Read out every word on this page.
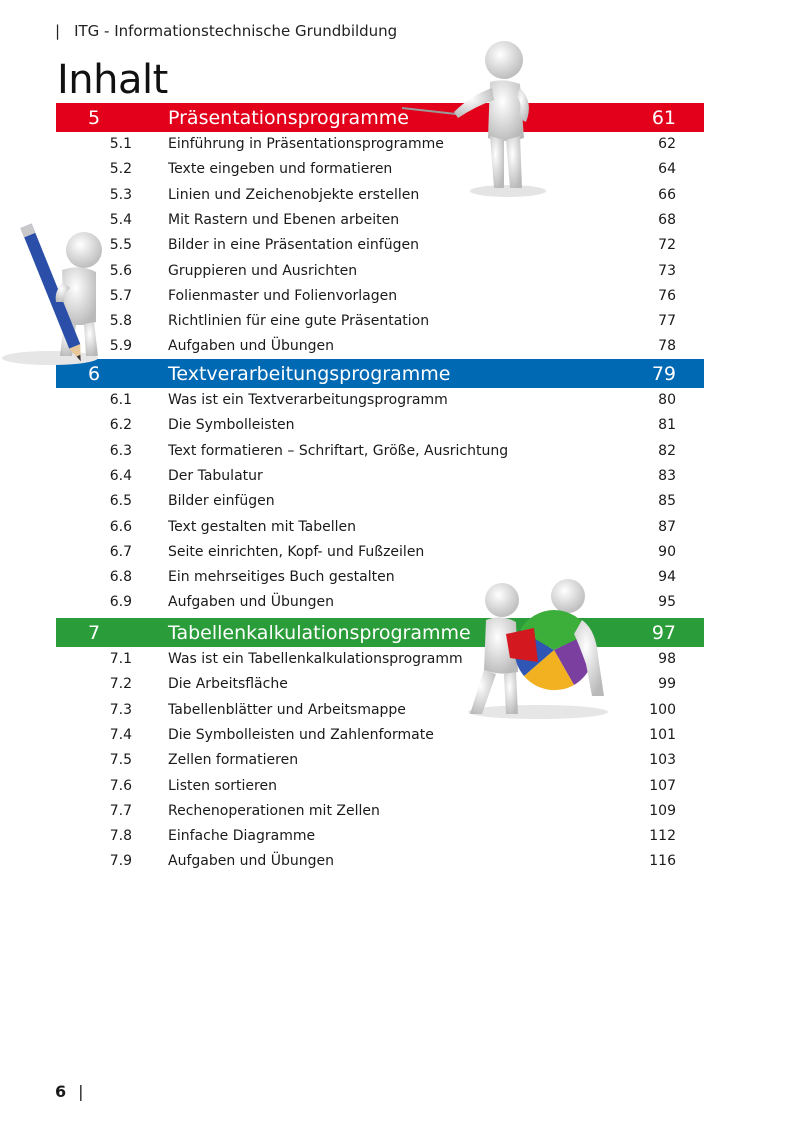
| ITG - Informationstechnische Grundbildung
Inhalt
5	Präsentationsprogramme	61
5.1	Einführung in Präsentationsprogramme	62
5.2	Texte eingeben und formatieren	64
5.3	Linien und Zeichenobjekte erstellen	66
5.4	Mit Rastern und Ebenen arbeiten	68
5.5	Bilder in eine Präsentation einfügen	72
5.6	Gruppieren und Ausrichten	73
5.7	Folienmaster und Folienvorlagen	76
5.8	Richtlinien für eine gute Präsentation	77
5.9	Aufgaben und Übungen	78
6	Textverarbeitungsprogramme	79
6.1	Was ist ein Textverarbeitungsprogramm	80
6.2	Die Symbolleisten	81
6.3	Text formatieren – Schriftart, Größe, Ausrichtung	82
6.4	Der Tabulatur	83
6.5	Bilder einfügen	85
6.6	Text gestalten mit Tabellen	87
6.7	Seite einrichten, Kopf- und Fußzeilen	90
6.8	Ein mehrseitiges Buch gestalten	94
6.9	Aufgaben und Übungen	95
7	Tabellenkalkulationsprogramme	97
7.1	Was ist ein Tabellenkalkulationsprogramm	98
7.2	Die Arbeitsfläche	99
7.3	Tabellenblätter und Arbeitsmappe	100
7.4	Die Symbolleisten und Zahlenformate	101
7.5	Zellen formatieren	103
7.6	Listen sortieren	107
7.7	Rechenoperationen mit Zellen	109
7.8	Einfache Diagramme	112
7.9	Aufgaben und Übungen	116
6 |
